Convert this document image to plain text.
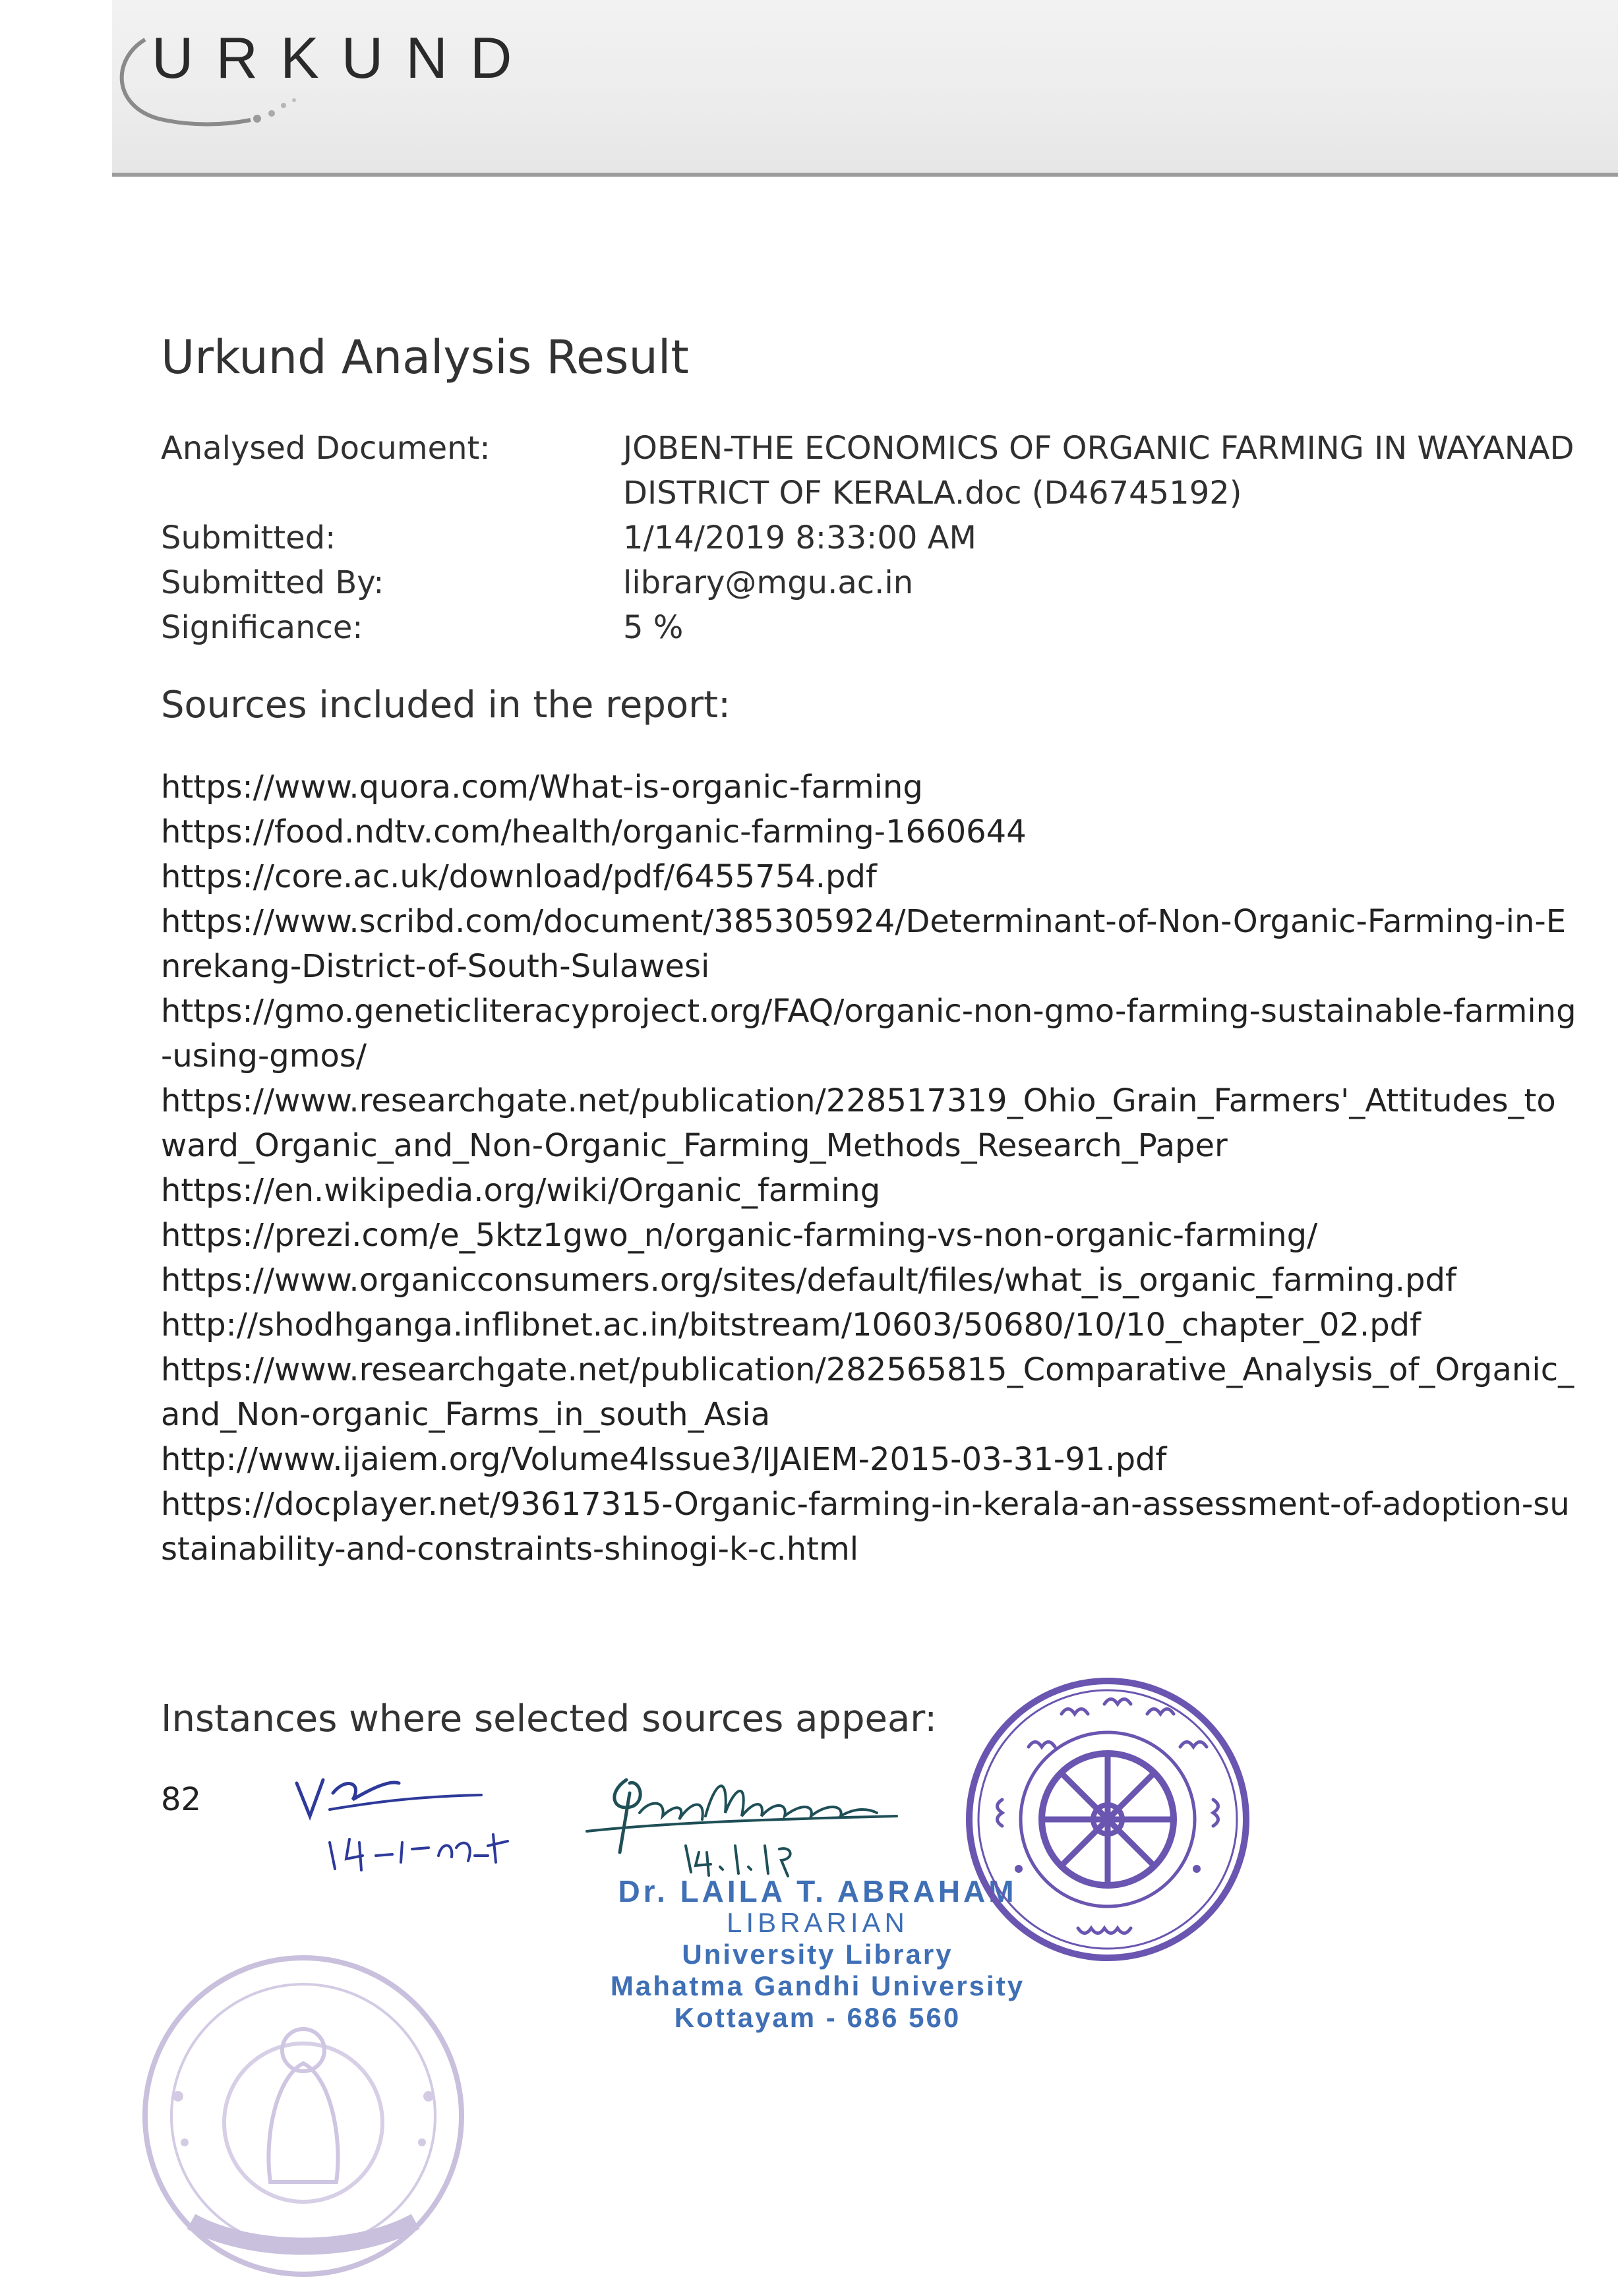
URKUND
Urkund Analysis Result
Analysed Document:	JOBEN-THE ECONOMICS OF ORGANIC FARMING IN WAYANAD
DISTRICT OF KERALA.doc (D46745192)
Submitted:	1/14/2019 8:33:00 AM
Submitted By:	library@mgu.ac.in
Significance:	5 %
Sources included in the report:
https://www.quora.com/What-is-organic-farming
https://food.ndtv.com/health/organic-farming-1660644
https://core.ac.uk/download/pdf/6455754.pdf
https://www.scribd.com/document/385305924/Determinant-of-Non-Organic-Farming-in-Enrekang-District-of-South-Sulawesi
https://gmo.geneticliteracyproject.org/FAQ/organic-non-gmo-farming-sustainable-farming-using-gmos/
https://www.researchgate.net/publication/228517319_Ohio_Grain_Farmers'_Attitudes_toward_Organic_and_Non-Organic_Farming_Methods_Research_Paper
https://en.wikipedia.org/wiki/Organic_farming
https://prezi.com/e_5ktz1gwo_n/organic-farming-vs-non-organic-farming/
https://www.organicconsumers.org/sites/default/files/what_is_organic_farming.pdf
http://shodhganga.inflibnet.ac.in/bitstream/10603/50680/10/10_chapter_02.pdf
https://www.researchgate.net/publication/282565815_Comparative_Analysis_of_Organic_and_Non-organic_Farms_in_south_Asia
http://www.ijaiem.org/Volume4Issue3/IJAIEM-2015-03-31-91.pdf
https://docplayer.net/93617315-Organic-farming-in-kerala-an-assessment-of-adoption-sustainability-and-constraints-shinogi-k-c.html
Instances where selected sources appear:
82
Dr. LAILA T. ABRAHAM
LIBRARIAN
University Library
Mahatma Gandhi University
Kottayam - 686 560
